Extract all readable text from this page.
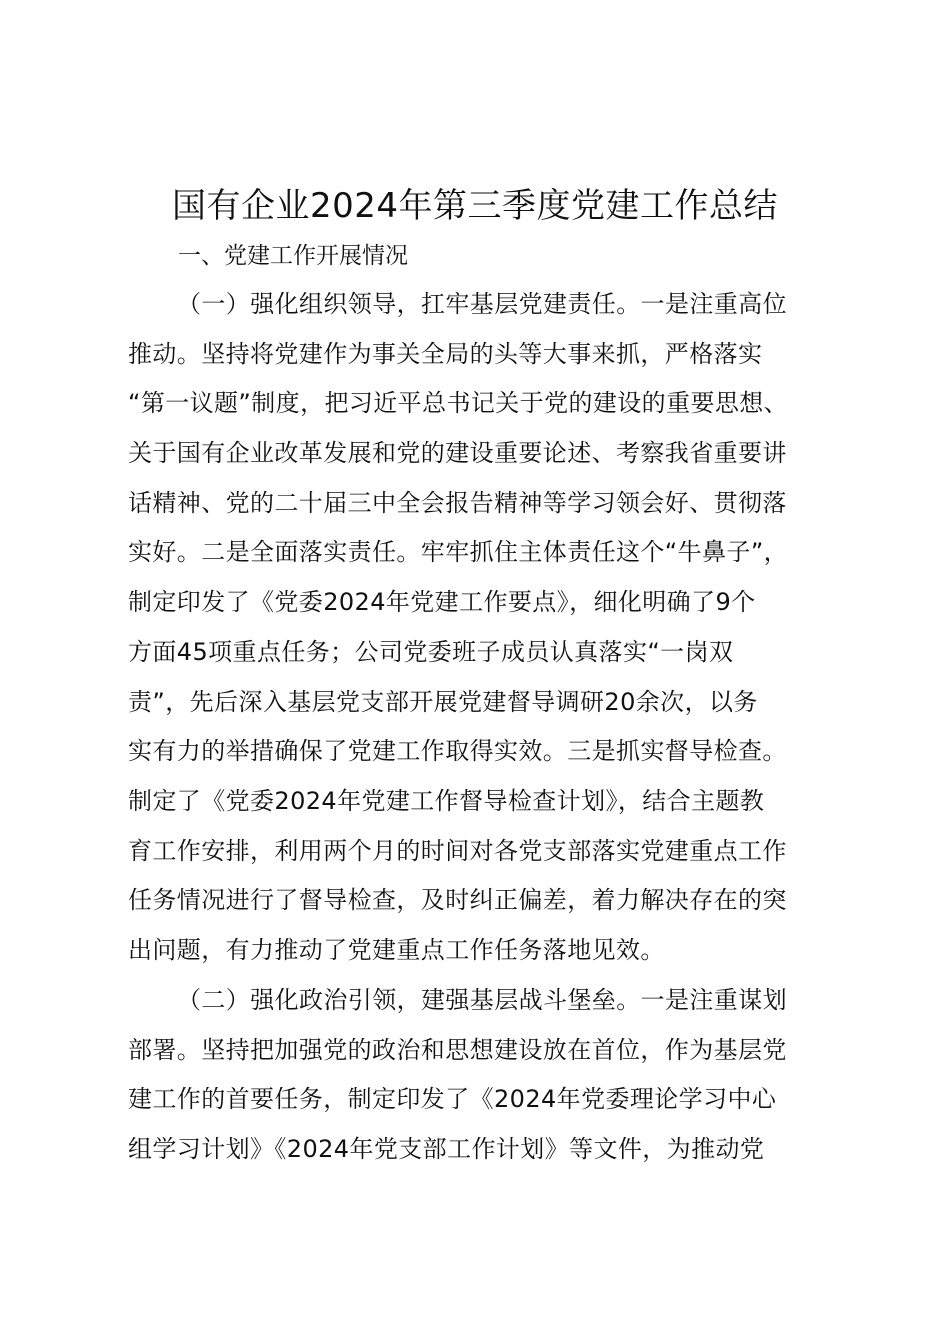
国有企业2024年第三季度党建工作总结
一、党建工作开展情况
（一）强化组织领导，扛牢基层党建责任。一是注重高位
推动。坚持将党建作为事关全局的头等大事来抓，严格落实
“第一议题”制度，把习近平总书记关于党的建设的重要思想、
关于国有企业改革发展和党的建设重要论述、考察我省重要讲
话精神、党的二十届三中全会报告精神等学习领会好、贯彻落
实好。二是全面落实责任。牢牢抓住主体责任这个“牛鼻子”，
制定印发了《党委2024年党建工作要点》，细化明确了9个
方面45项重点任务；公司党委班子成员认真落实“一岗双
责”，先后深入基层党支部开展党建督导调研20余次，以务
实有力的举措确保了党建工作取得实效。三是抓实督导检查。
制定了《党委2024年党建工作督导检查计划》，结合主题教
育工作安排，利用两个月的时间对各党支部落实党建重点工作
任务情况进行了督导检查，及时纠正偏差，着力解决存在的突
出问题，有力推动了党建重点工作任务落地见效。
（二）强化政治引领，建强基层战斗堡垒。一是注重谋划
部署。坚持把加强党的政治和思想建设放在首位，作为基层党
建工作的首要任务，制定印发了《2024年党委理论学习中心
组学习计划》《2024年党支部工作计划》等文件，为推动党
